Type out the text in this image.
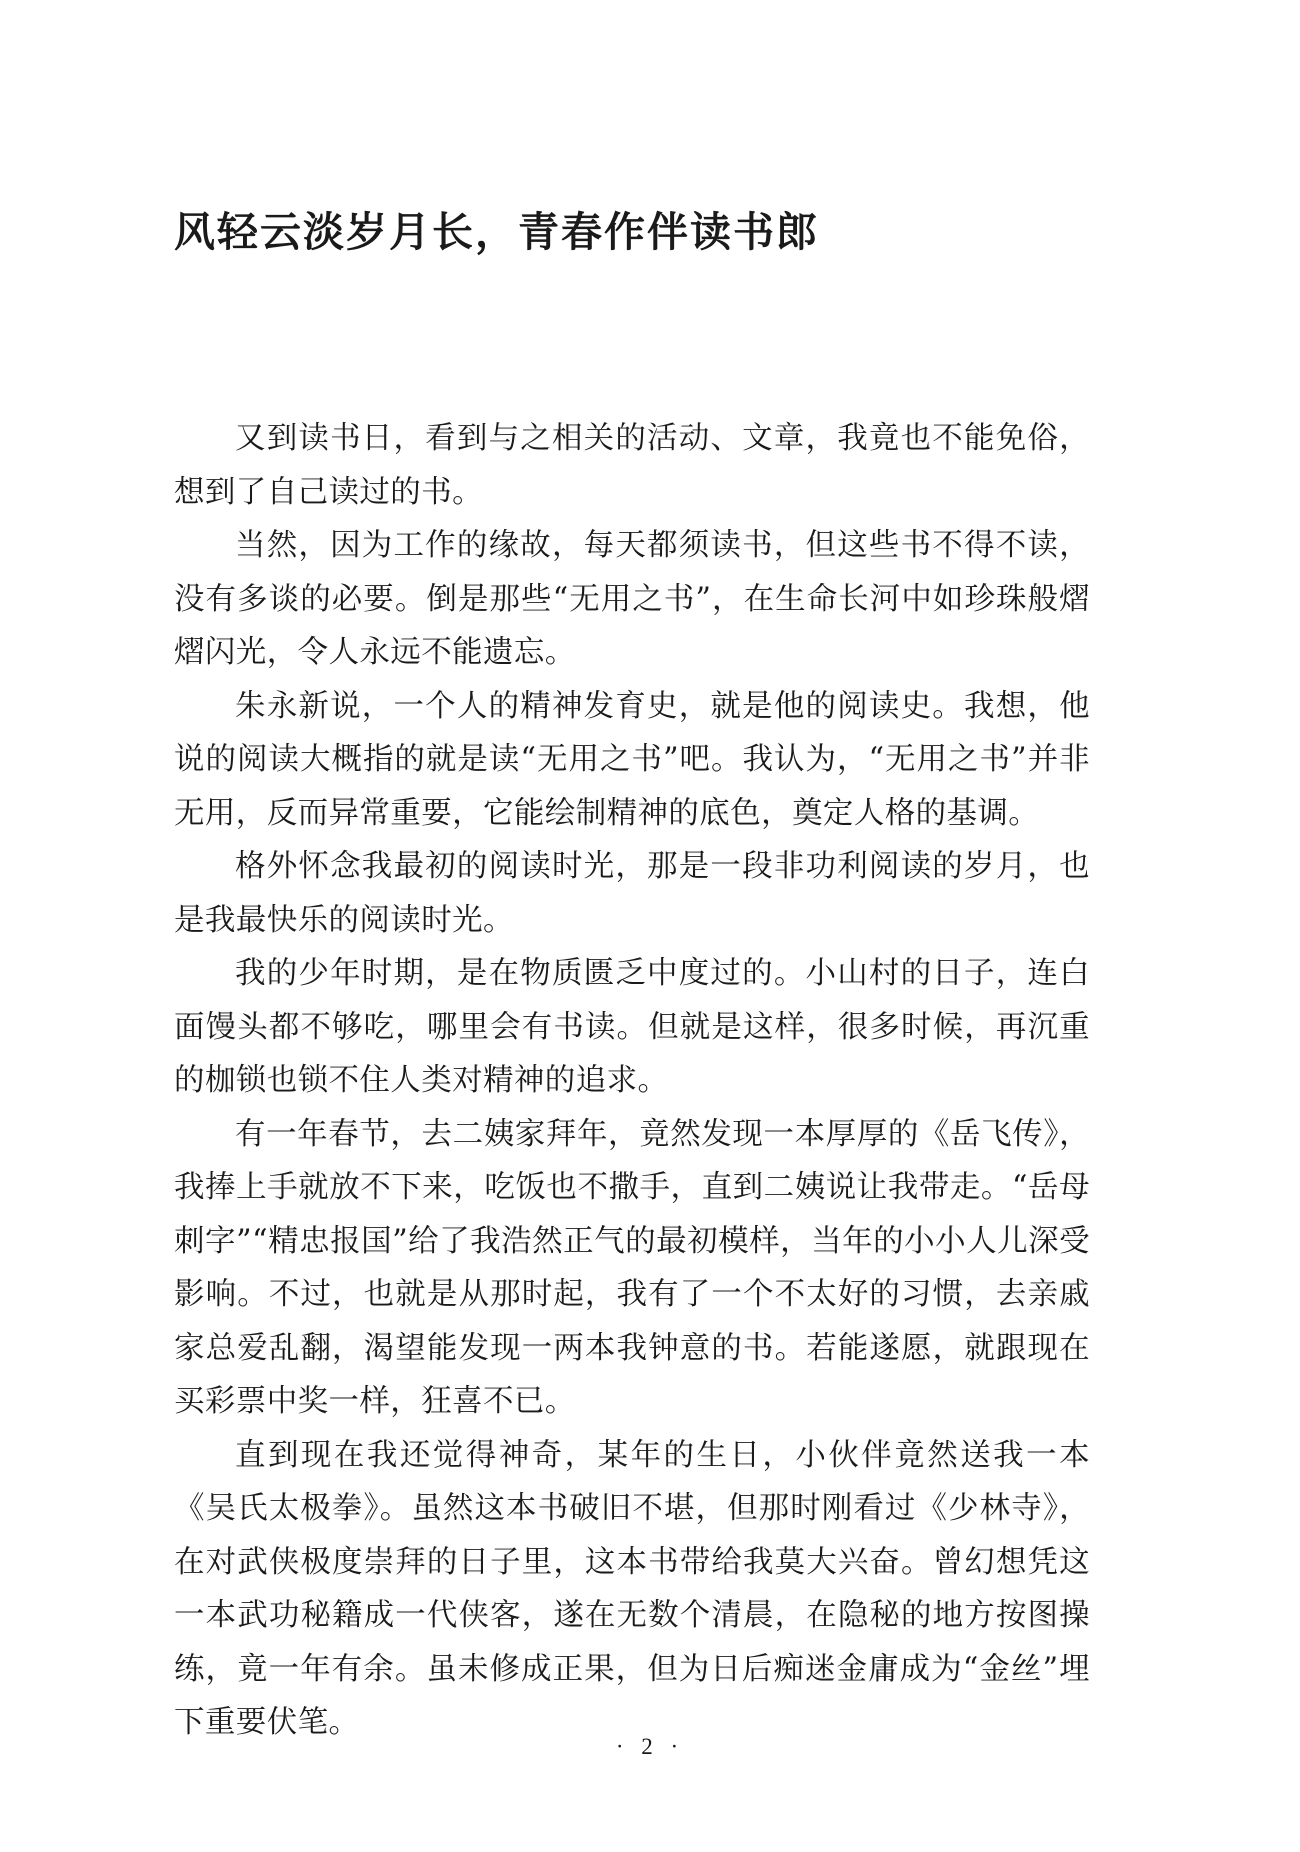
风轻云淡岁月长，青春作伴读书郎

又到读书日，看到与之相关的活动、文章，我竟也不能免俗，想到了自己读过的书。

当然，因为工作的缘故，每天都须读书，但这些书不得不读，没有多谈的必要。倒是那些“无用之书”，在生命长河中如珍珠般熠熠闪光，令人永远不能遗忘。

朱永新说，一个人的精神发育史，就是他的阅读史。我想，他说的阅读大概指的就是读“无用之书”吧。我认为，“无用之书”并非无用，反而异常重要，它能绘制精神的底色，奠定人格的基调。

格外怀念我最初的阅读时光，那是一段非功利阅读的岁月，也是我最快乐的阅读时光。

我的少年时期，是在物质匮乏中度过的。小山村的日子，连白面馒头都不够吃，哪里会有书读。但就是这样，很多时候，再沉重的枷锁也锁不住人类对精神的追求。

有一年春节，去二姨家拜年，竟然发现一本厚厚的《岳飞传》，我捧上手就放不下来，吃饭也不撒手，直到二姨说让我带走。“岳母刺字”“精忠报国”给了我浩然正气的最初模样，当年的小小人儿深受影响。不过，也就是从那时起，我有了一个不太好的习惯，去亲戚家总爱乱翻，渴望能发现一两本我钟意的书。若能遂愿，就跟现在买彩票中奖一样，狂喜不已。

直到现在我还觉得神奇，某年的生日，小伙伴竟然送我一本《吴氏太极拳》。虽然这本书破旧不堪，但那时刚看过《少林寺》，在对武侠极度崇拜的日子里，这本书带给我莫大兴奋。曾幻想凭这一本武功秘籍成一代侠客，遂在无数个清晨，在隐秘的地方按图操练，竟一年有余。虽未修成正果，但为日后痴迷金庸成为“金丝”埋下重要伏笔。

· 2 ·
